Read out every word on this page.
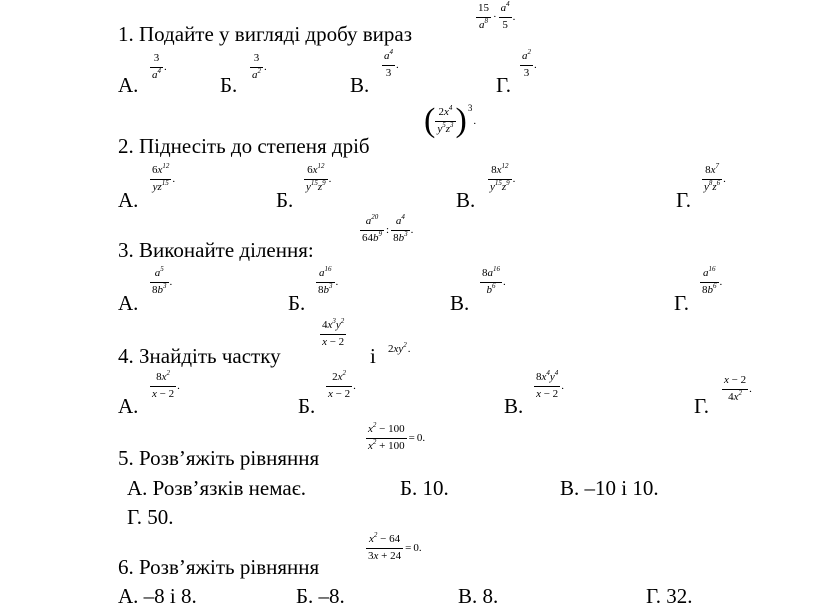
1. Подайте у вигляді дробу вираз
$\frac{15}{a^8} \cdot \frac{a^4}{5}$ .
А.
$\frac{3}{a^4}$ .
Б.
$\frac{3}{a^2}$ .
В.
$\frac{a^4}{3}$ .
Г.
$\frac{a^2}{3}$ .
2. Піднесіть до степеня дріб
( $\frac{2x^4}{y^5z^3}$ ) 3
.
А.
$\frac{6x^{12}}{yz^{15}}$ .
Б.
$\frac{6x^{12}}{y^{15}z^9}$ .
В.
$\frac{8x^{12}}{y^{15}z^9}$ .
Г.
$\frac{8x^7}{y^8z^6}$ .
3. Виконайте ділення:
$\frac{a^{20}}{64b^9}$ : $\frac{a^4}{8b^3}$ .
А.
$\frac{a^5}{8b^3}$ .
Б.
$\frac{a^{16}}{8b^3}$ .
В.
$\frac{8a^{16}}{b^6}$ .
Г.
$\frac{a^{16}}{8b^6}$ .
4. Знайдіть частку
$\frac{4x^3y^2}{x - 2}$
і $2xy^2$ .
А.
$\frac{8x^2}{x - 2}$ .
Б.
$\frac{2x^2}{x - 2}$ .
В.
$\frac{8x^4y^4}{x - 2}$ .
Г.
$\frac{x - 2}{4x^2}$ .
5. Розв’яжіть рівняння
$\frac{x^2 - 100}{x^2 + 100} = 0$.
А. Розв’язків немає.	Б. 10.	В. –10 і 10.
Г. 50.
6. Розв’яжіть рівняння
$\frac{x^2 - 64}{3x + 24} = 0$.
А. –8 і 8.	Б. –8.	В. 8.	Г. 32.
